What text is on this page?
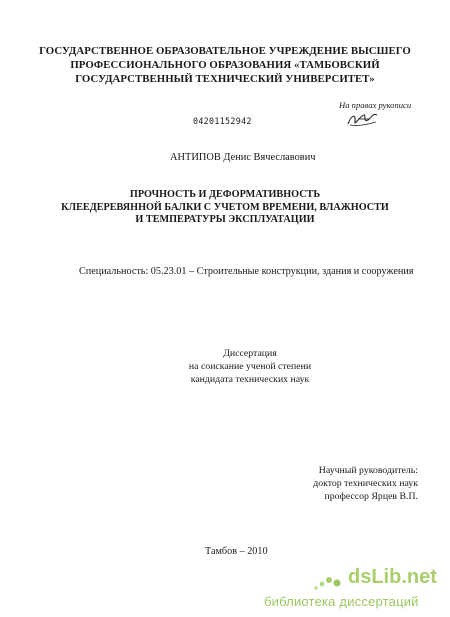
ГОСУДАРСТВЕННОЕ ОБРАЗОВАТЕЛЬНОЕ УЧРЕЖДЕНИЕ ВЫСШЕГО
ПРОФЕССИОНАЛЬНОГО ОБРАЗОВАНИЯ «ТАМБОВСКИЙ
ГОСУДАРСТВЕННЫЙ ТЕХНИЧЕСКИЙ УНИВЕРСИТЕТ»
На правах рукописи
04201152942
АНТИПОВ Денис Вячеславович
ПРОЧНОСТЬ И ДЕФОРМАТИВНОСТЬ
КЛЕЕДЕРЕВЯННОЙ БАЛКИ С УЧЕТОМ ВРЕМЕНИ, ВЛАЖНОСТИ
И ТЕМПЕРАТУРЫ ЭКСПЛУАТАЦИИ
Специальность: 05.23.01 – Строительные конструкции, здания и сооружения
Диссертация
на соискание ученой степени
кандидата технических наук
Научный руководитель:
доктор технических наук
профессор Ярцев В.П.
Тамбов – 2010
dsLib.net
библиотека диссертаций
